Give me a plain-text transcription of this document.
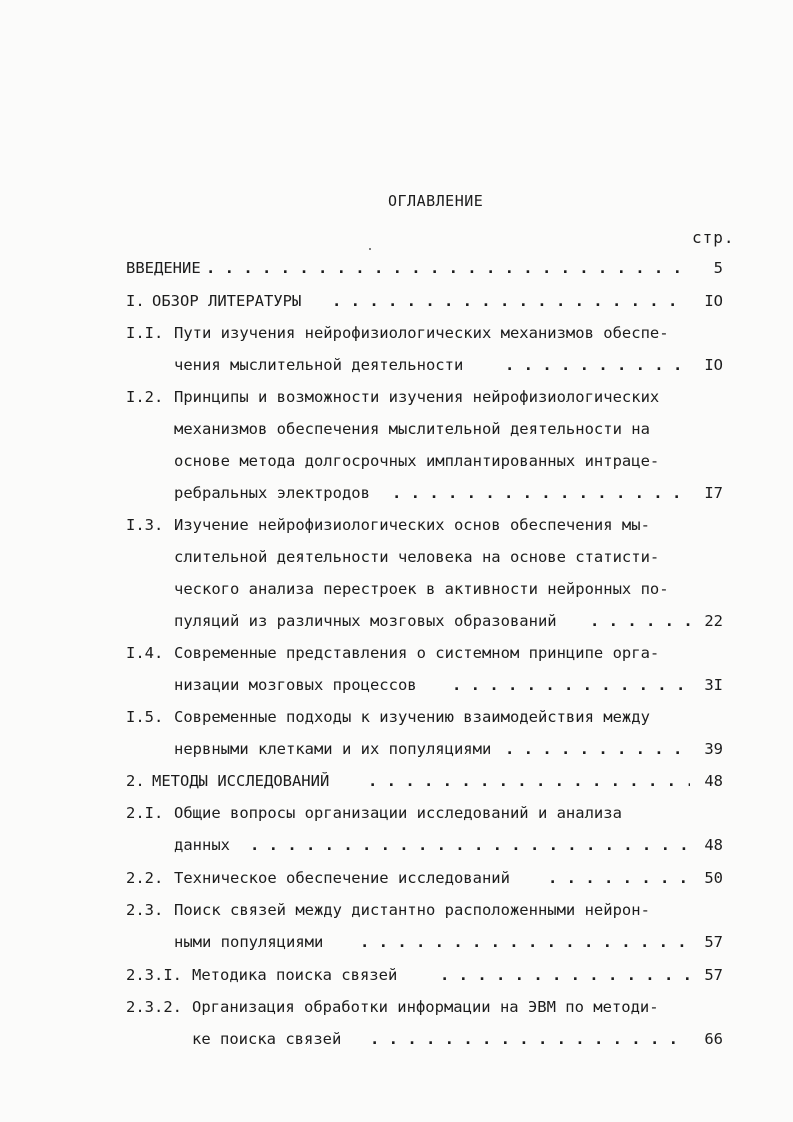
ОГЛАВЛЕНИЕ
стр.
ВВЕДЕНИЕ . . .	5
I. ОБЗОР ЛИТЕРАТУРЫ . . .	IO
I.I. Пути изучения нейрофизиологических механизмов обеспе-
чения мыслительной деятельности . . .	IO
I.2. Принципы и возможности изучения нейрофизиологических
механизмов обеспечения мыслительной деятельности на
основе метода долгосрочных имплантированных интраце-
ребральных электродов . . .	I7
I.3. Изучение нейрофизиологических основ обеспечения мы-
слительной деятельности человека на основе статисти-
ческого анализа перестроек в активности нейронных по-
пуляций из различных мозговых образований . . .	22
I.4. Современные представления о системном принципе орга-
низации мозговых процессов . . .	3I
I.5. Современные подходы к изучению взаимодействия между
нервными клетками и их популяциями . . .	39
2. МЕТОДЫ ИССЛЕДОВАНИЙ . . .	48
2.I. Общие вопросы организации исследований и анализа
данных . . .	48
2.2. Техническое обеспечение исследований . . .	50
2.3. Поиск связей между дистантно расположенными нейрон-
ными популяциями . . .	57
2.3.I. Методика поиска связей . . .	57
2.3.2. Организация обработки информации на ЭВМ по методи-
ке поиска связей . . .	66
